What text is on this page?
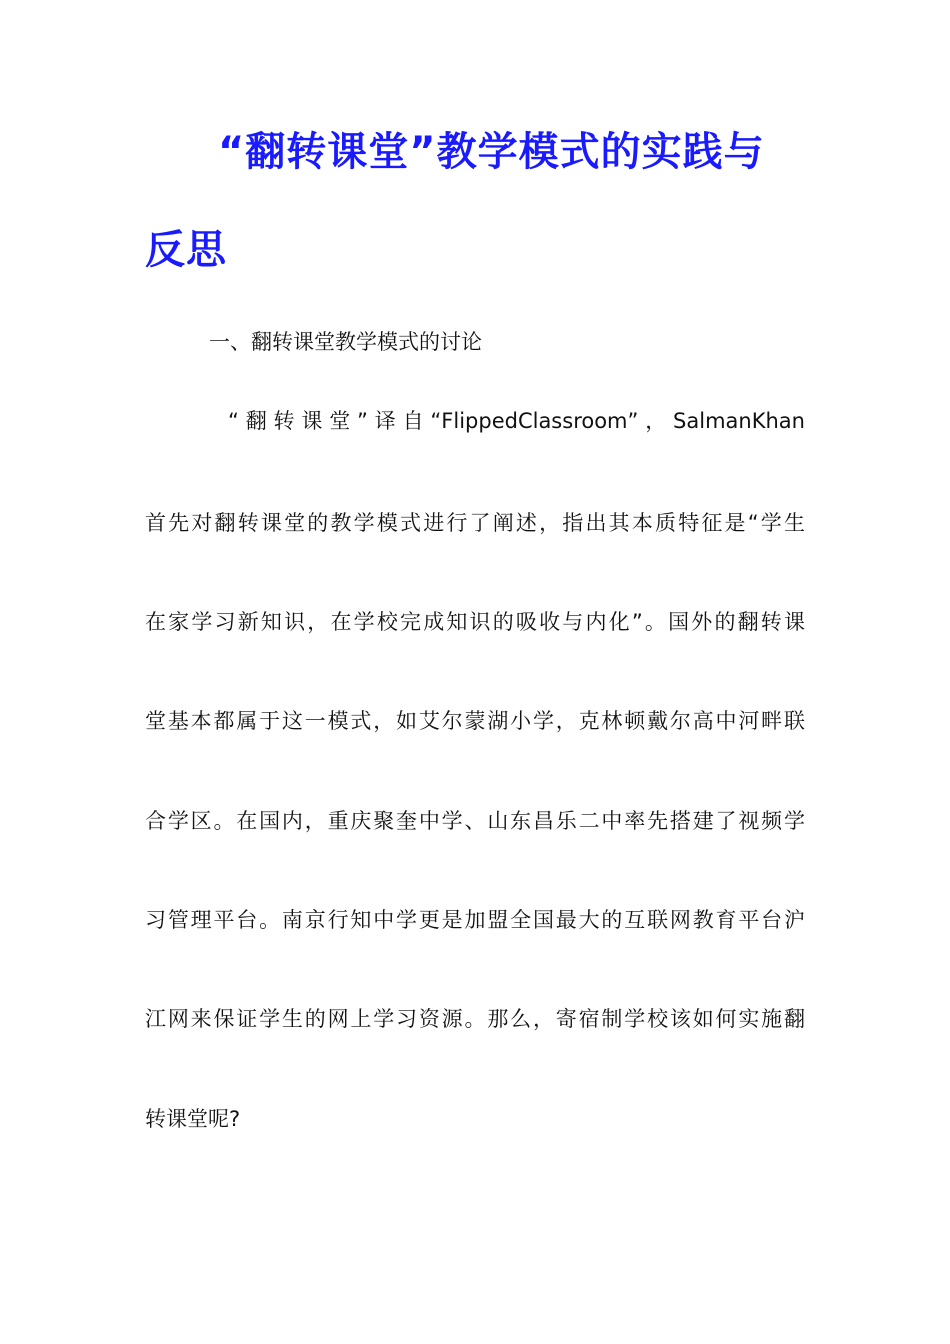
“翻转课堂”教学模式的实践与
反思
一、翻转课堂教学模式的讨论
“翻转课堂”译自“FlippedClassroom”，SalmanKhan
首先对翻转课堂的教学模式进行了阐述，指出其本质特征是“学生
在家学习新知识，在学校完成知识的吸收与内化”。国外的翻转课
堂基本都属于这一模式，如艾尔蒙湖小学，克林顿戴尔高中河畔联
合学区。在国内，重庆聚奎中学、山东昌乐二中率先搭建了视频学
习管理平台。南京行知中学更是加盟全国最大的互联网教育平台沪
江网来保证学生的网上学习资源。那么，寄宿制学校该如何实施翻
转课堂呢?
